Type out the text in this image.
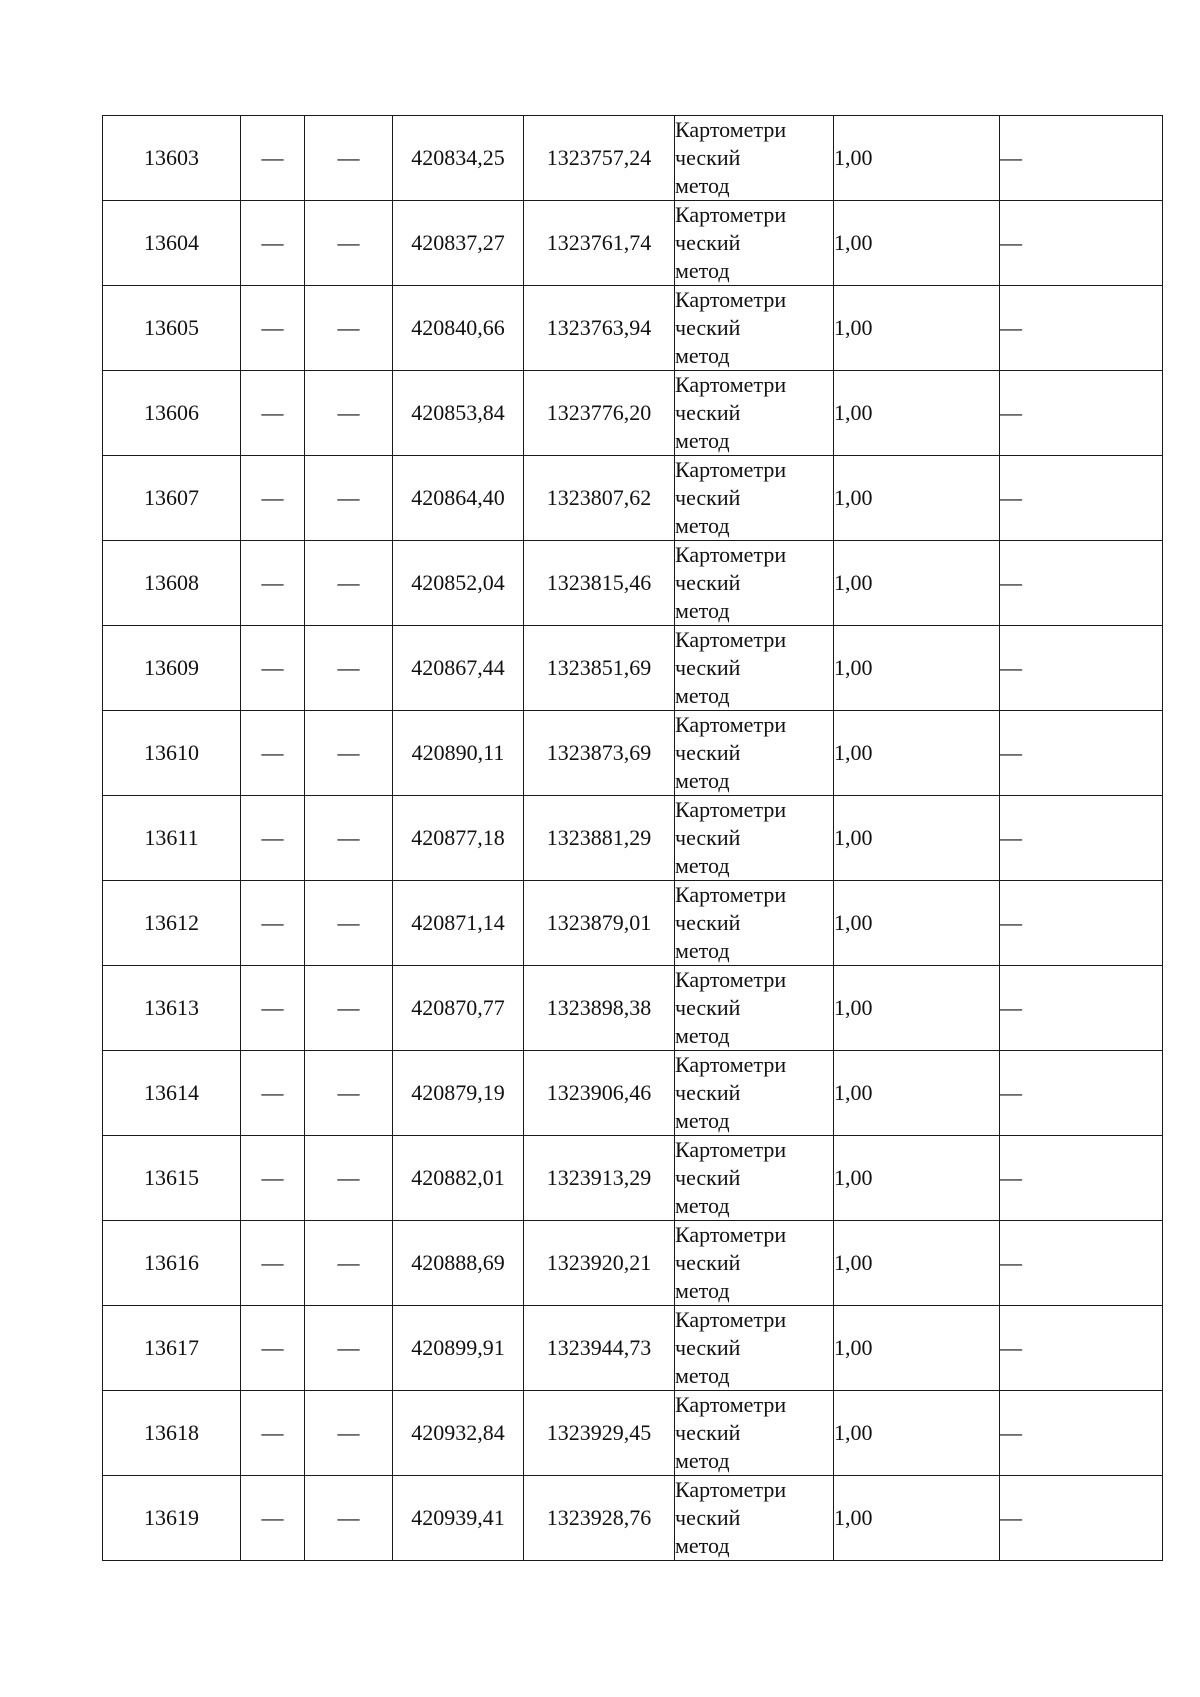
13603	—	—	420834,25	1323757,24	Картометри
ческий
метод	1,00	—
13604	—	—	420837,27	1323761,74	Картометри
ческий
метод	1,00	—
13605	—	—	420840,66	1323763,94	Картометри
ческий
метод	1,00	—
13606	—	—	420853,84	1323776,20	Картометри
ческий
метод	1,00	—
13607	—	—	420864,40	1323807,62	Картометри
ческий
метод	1,00	—
13608	—	—	420852,04	1323815,46	Картометри
ческий
метод	1,00	—
13609	—	—	420867,44	1323851,69	Картометри
ческий
метод	1,00	—
13610	—	—	420890,11	1323873,69	Картометри
ческий
метод	1,00	—
13611	—	—	420877,18	1323881,29	Картометри
ческий
метод	1,00	—
13612	—	—	420871,14	1323879,01	Картометри
ческий
метод	1,00	—
13613	—	—	420870,77	1323898,38	Картометри
ческий
метод	1,00	—
13614	—	—	420879,19	1323906,46	Картометри
ческий
метод	1,00	—
13615	—	—	420882,01	1323913,29	Картометри
ческий
метод	1,00	—
13616	—	—	420888,69	1323920,21	Картометри
ческий
метод	1,00	—
13617	—	—	420899,91	1323944,73	Картометри
ческий
метод	1,00	—
13618	—	—	420932,84	1323929,45	Картометри
ческий
метод	1,00	—
13619	—	—	420939,41	1323928,76	Картометри
ческий
метод	1,00	—
